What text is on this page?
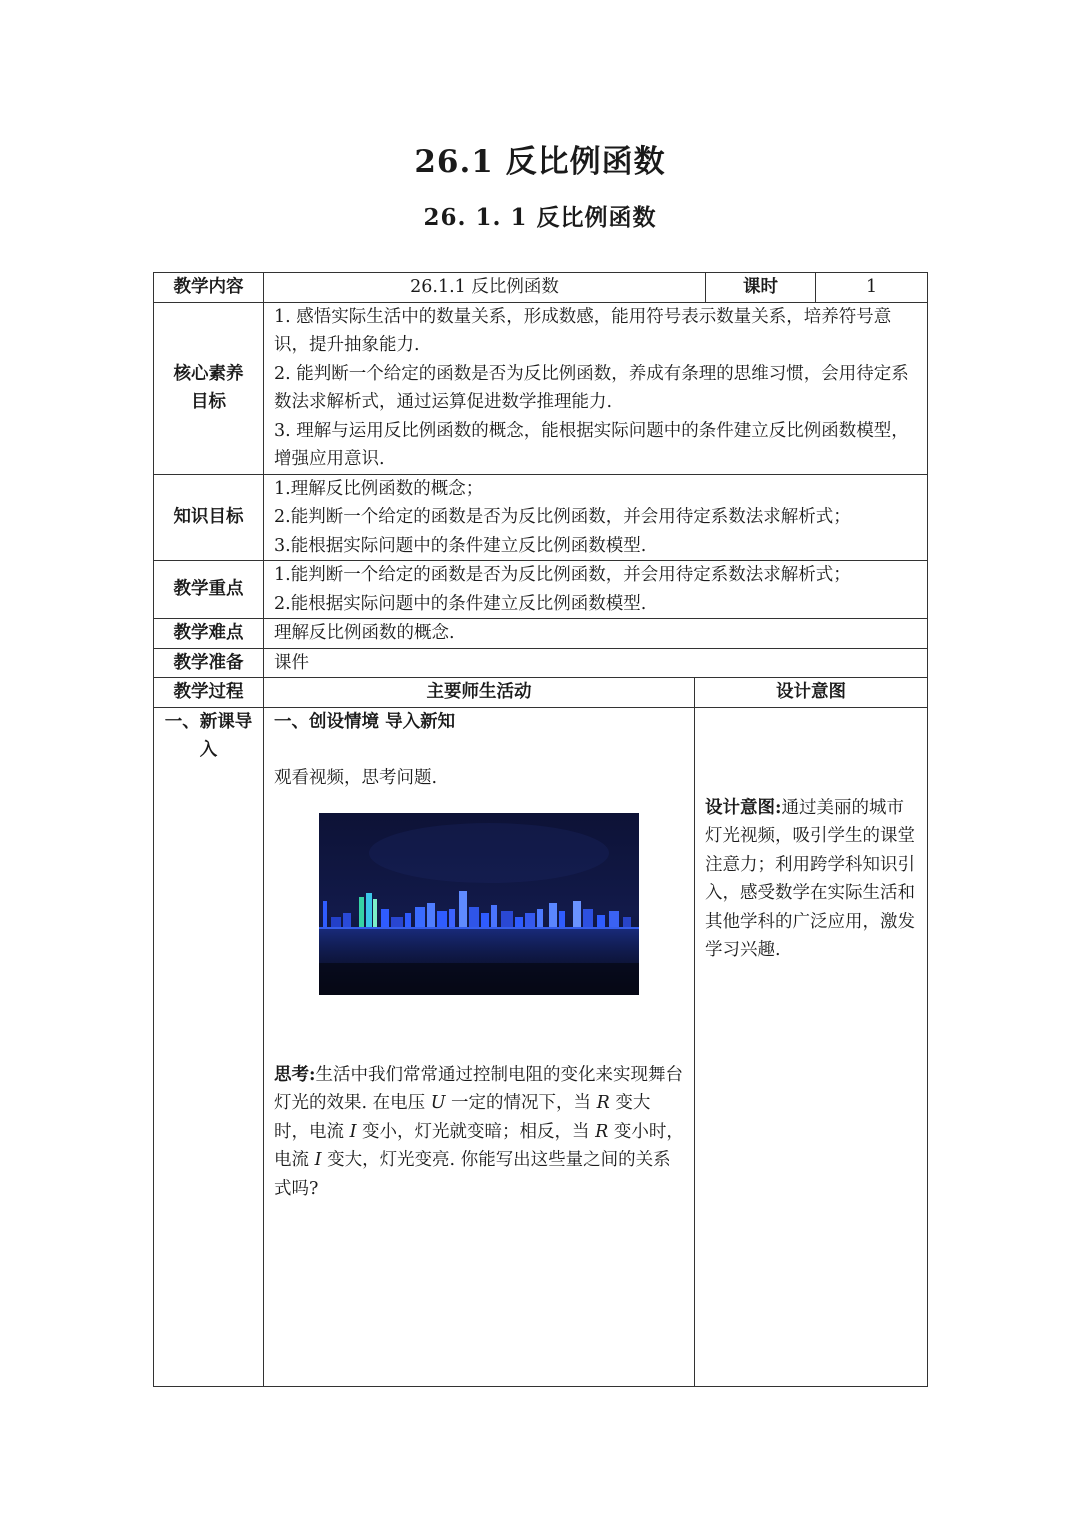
26.1 反比例函数
26. 1. 1 反比例函数
教学内容	26.1.1 反比例函数		课时	1
核心素养目标	1. 感悟实际生活中的数量关系，形成数感，能用符号表示数量关系，培养符号意识，提升抽象能力.

2. 能判断一个给定的函数是否为反比例函数，养成有条理的思维习惯，会用待定系数法求解析式，通过运算促进数学推理能力.

3. 理解与运用反比例函数的概念，能根据实际问题中的条件建立反比例函数模型，增强应用意识.			

知识目标	1.理解反比例函数的概念；

2.能判断一个给定的函数是否为反比例函数，并会用待定系数法求解析式；

3.能根据实际问题中的条件建立反比例函数模型.			

教学重点	1.能判断一个给定的函数是否为反比例函数，并会用待定系数法求解析式；

2.能根据实际问题中的条件建立反比例函数模型.			

教学难点	理解反比例函数的概念.			
教学准备	课件			
教学过程	主要师生活动	设计意图		
一、新课导入	一、创设情境 导入新知
观看视频，思考问题.
思考:生活中我们常常通过控制电阻的变化来实现舞台灯光的效果. 在电压 U 一定的情况下，当 R 变大时，电流 I 变小，灯光就变暗；相反，当 R 变小时，电流 I 变大，灯光变亮. 你能写出这些量之间的关系式吗?	设计意图:通过美丽的城市灯光视频，吸引学生的课堂注意力；利用跨学科知识引入，感受数学在实际生活和其他学科的广泛应用，激发学习兴趣.		
